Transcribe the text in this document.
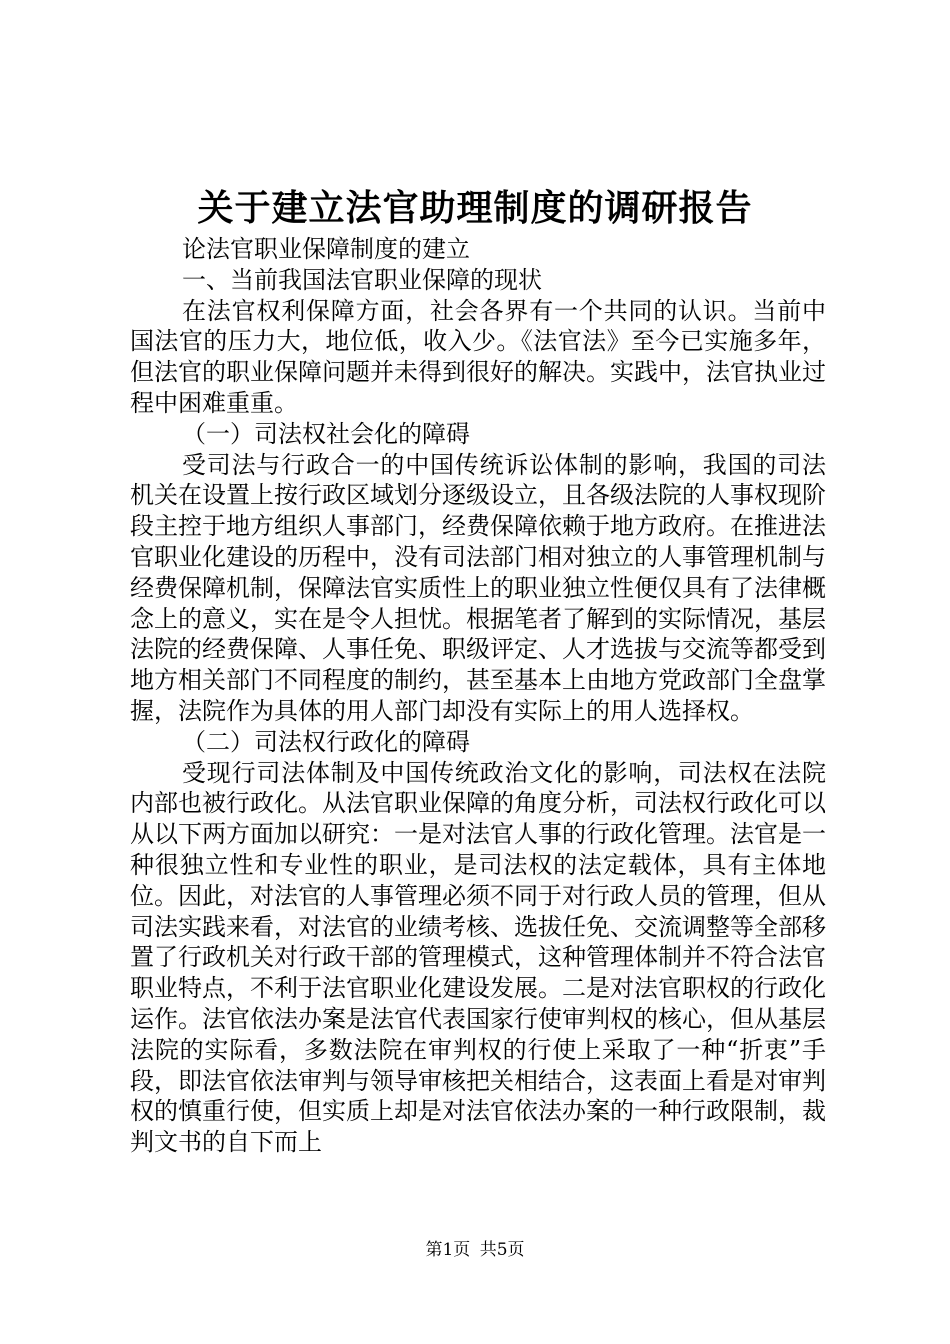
关于建立法官助理制度的调研报告

论法官职业保障制度的建立

一、当前我国法官职业保障的现状

在法官权利保障方面，社会各界有一个共同的认识。当前中国法官的压力大，地位低，收入少。《法官法》至今已实施多年，但法官的职业保障问题并未得到很好的解决。实践中，法官执业过程中困难重重。

（一）司法权社会化的障碍

受司法与行政合一的中国传统诉讼体制的影响，我国的司法机关在设置上按行政区域划分逐级设立，且各级法院的人事权现阶段主控于地方组织人事部门，经费保障依赖于地方政府。在推进法官职业化建设的历程中，没有司法部门相对独立的人事管理机制与经费保障机制，保障法官实质性上的职业独立性便仅具有了法律概念上的意义，实在是令人担忧。根据笔者了解到的实际情况，基层法院的经费保障、人事任免、职级评定、人才选拔与交流等都受到地方相关部门不同程度的制约，甚至基本上由地方党政部门全盘掌握，法院作为具体的用人部门却没有实际上的用人选择权。

（二）司法权行政化的障碍

受现行司法体制及中国传统政治文化的影响，司法权在法院内部也被行政化。从法官职业保障的角度分析，司法权行政化可以从以下两方面加以研究：一是对法官人事的行政化管理。法官是一种很独立性和专业性的职业，是司法权的法定载体，具有主体地位。因此，对法官的人事管理必须不同于对行政人员的管理，但从司法实践来看，对法官的业绩考核、选拔任免、交流调整等全部移置了行政机关对行政干部的管理模式，这种管理体制并不符合法官职业特点，不利于法官职业化建设发展。二是对法官职权的行政化运作。法官依法办案是法官代表国家行使审判权的核心，但从基层法院的实际看，多数法院在审判权的行使上采取了一种“折衷”手段，即法官依法审判与领导审核把关相结合，这表面上看是对审判权的慎重行使，但实质上却是对法官依法办案的一种行政限制，裁判文书的自下而上

第1页 共5页
